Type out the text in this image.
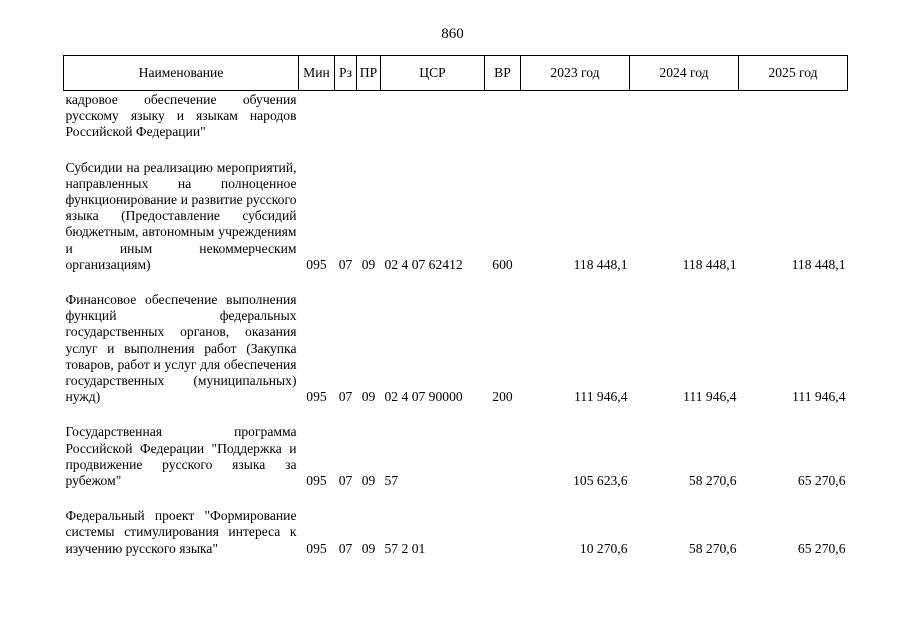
860
Наименование	Мин	Рз	ПР	ЦСР	ВР	2023 год	2024 год	2025 год
кадровое обеспечение обучения русскому языку и языкам народов Российской Федерации"								
Субсидии на реализацию мероприятий, направленных на полноценное функционирование и развитие русского языка (Предоставление субсидий бюджетным, автономным учреждениям и иным некоммерческим организациям)	095	07	09	02 4 07 62412	600	118 448,1	118 448,1	118 448,1
Финансовое обеспечение выполнения функций федеральных государственных органов, оказания услуг и выполнения работ (Закупка товаров, работ и услуг для обеспечения государственных (муниципальных) нужд)	095	07	09	02 4 07 90000	200	111 946,4	111 946,4	111 946,4
Государственная программа Российской Федерации "Поддержка и продвижение русского языка за рубежом"	095	07	09	57		105 623,6	58 270,6	65 270,6
Федеральный проект "Формирование системы стимулирования интереса к изучению русского языка"	095	07	09	57 2 01		10 270,6	58 270,6	65 270,6
